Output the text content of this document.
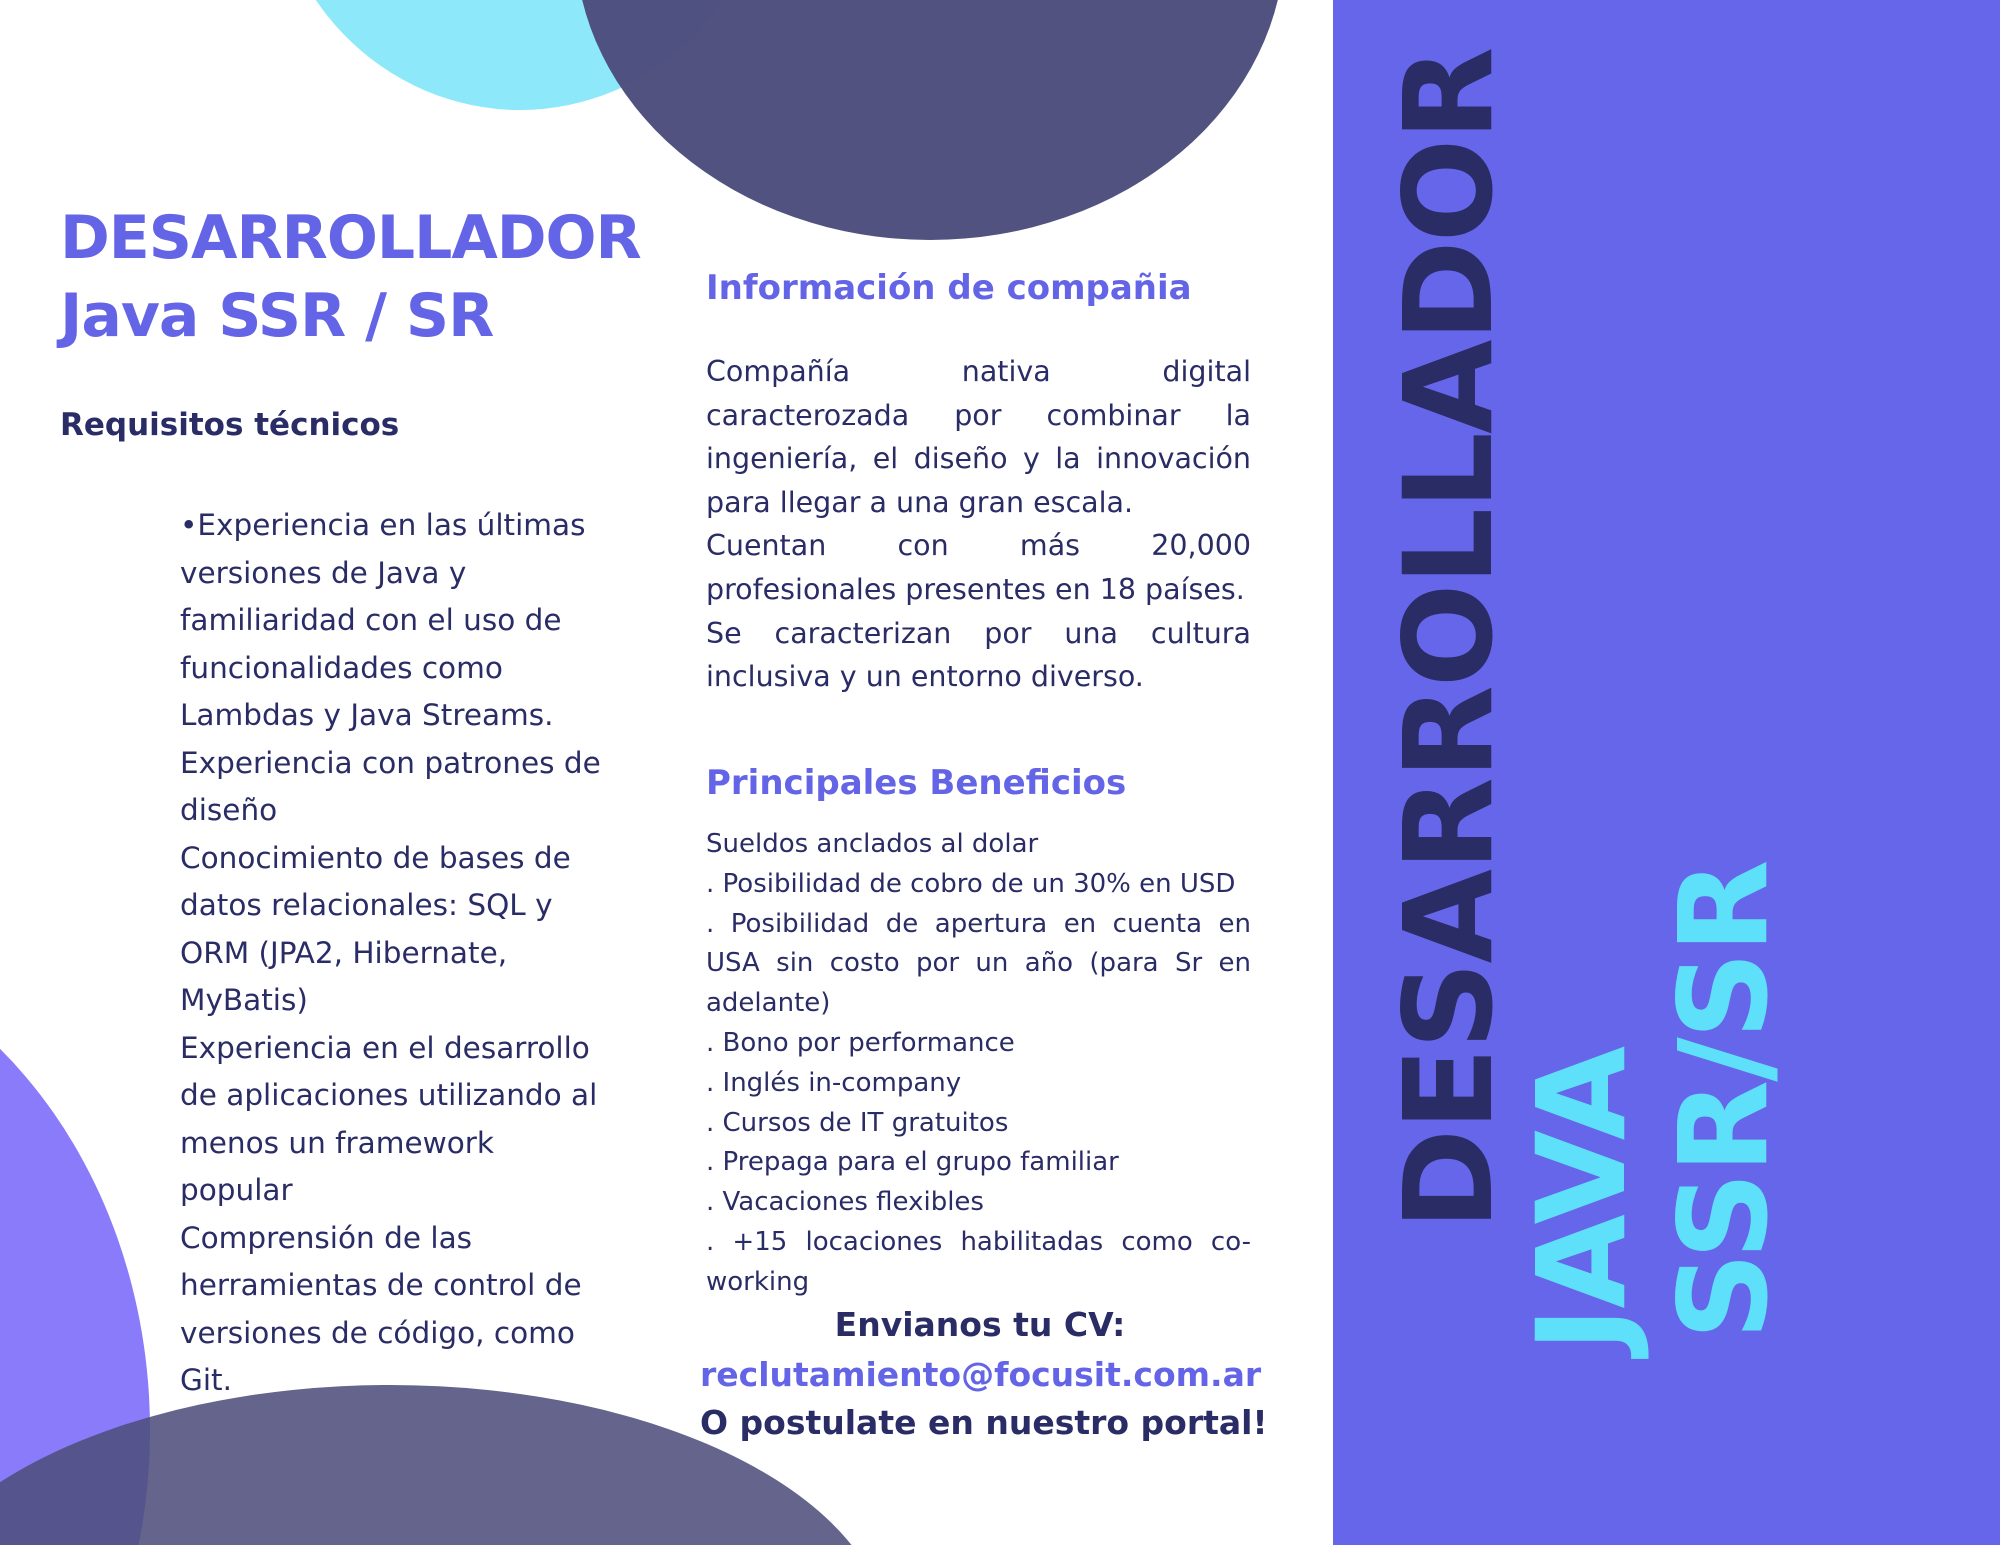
DESARROLLADOR
Java SSR / SR
Requisitos técnicos
•Experiencia en las últimas versiones de Java y familiaridad con el uso de funcionalidades como Lambdas y Java Streams.
Experiencia con patrones de diseño
Conocimiento de bases de datos relacionales: SQL y ORM (JPA2, Hibernate, MyBatis)
Experiencia en el desarrollo de aplicaciones utilizando al menos un framework popular
Comprensión de las herramientas de control de versiones de código, como Git.
Información de compañia
Compañía nativa digital caracterozada por combinar la ingeniería, el diseño y la innovación para llegar a una gran escala.
Cuentan con más 20,000 profesionales presentes en 18 países.
Se caracterizan por una cultura inclusiva y un entorno diverso.
Principales Beneficios
Sueldos anclados al dolar
. Posibilidad de cobro de un 30% en USD
. Posibilidad de apertura en cuenta en USA sin costo por un año (para Sr en adelante)
. Bono por performance
. Inglés in-company
. Cursos de IT gratuitos
. Prepaga para el grupo familiar
. Vacaciones flexibles
. +15 locaciones habilitadas como co-working
Envianos tu CV:
reclutamiento@focusit.com.ar
O postulate en nuestro portal!
DESARROLLADOR
JAVA SSR/SR
